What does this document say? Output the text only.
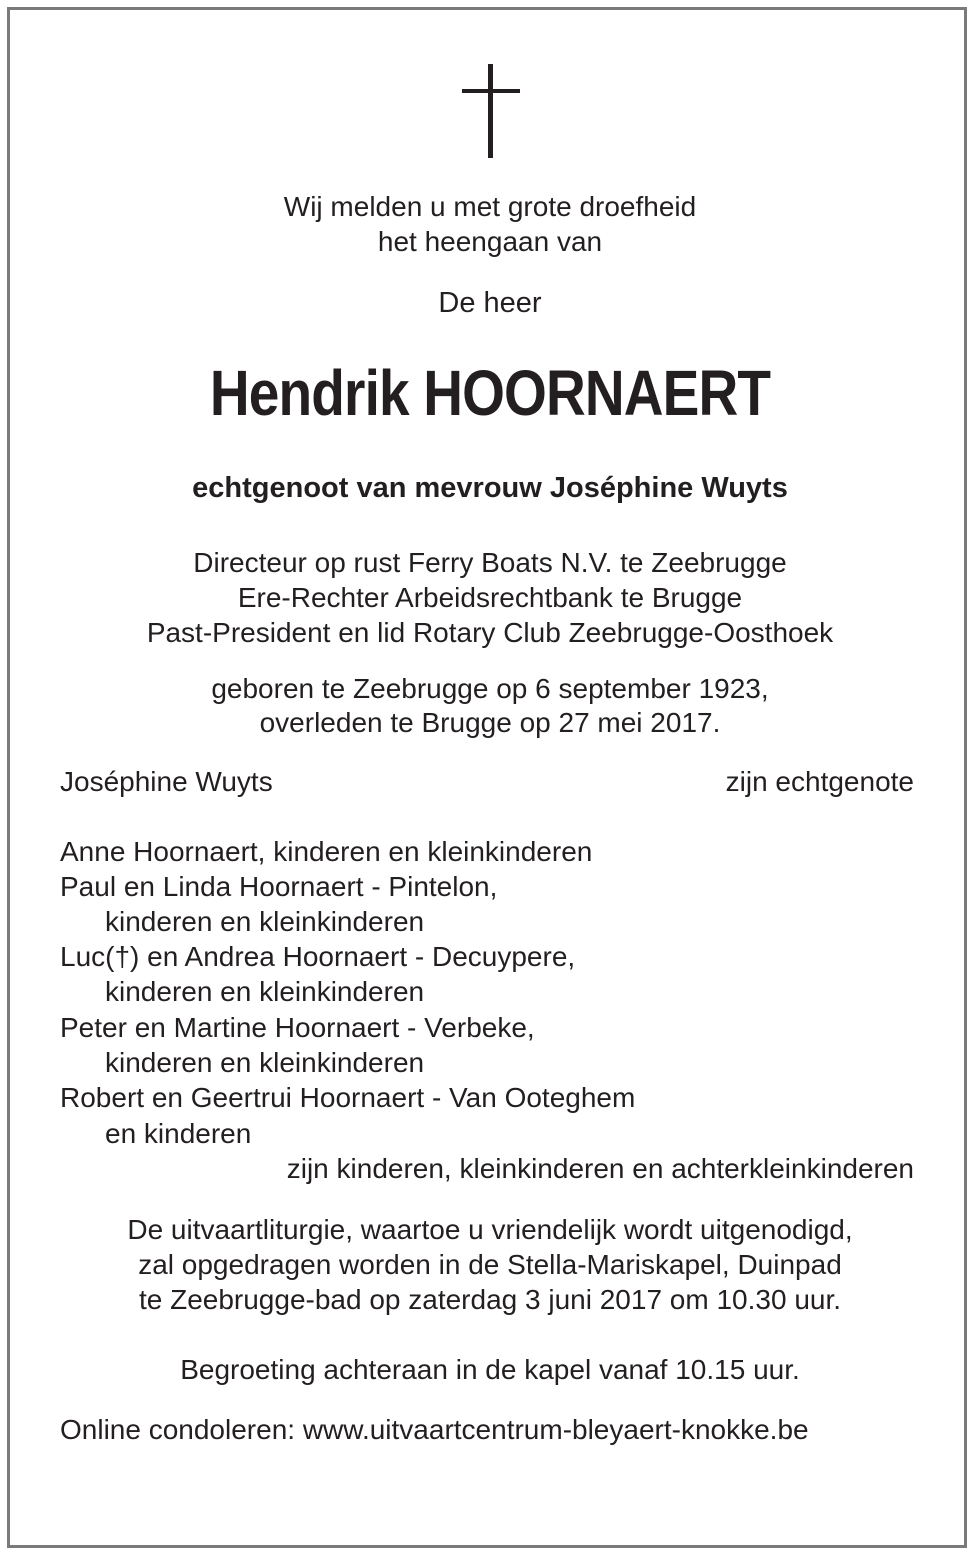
Wij melden u met grote droefheid
het heengaan van
De heer
Hendrik HOORNAERT
echtgenoot van mevrouw Joséphine Wuyts
Directeur op rust Ferry Boats N.V. te Zeebrugge
Ere-Rechter Arbeidsrechtbank te Brugge
Past-President en lid Rotary Club Zeebrugge-Oosthoek
geboren te Zeebrugge op 6 september 1923,
overleden te Brugge op 27 mei 2017.
Joséphine Wuyts	zijn echtgenote
Anne Hoornaert, kinderen en kleinkinderen
Paul en Linda Hoornaert - Pintelon,
kinderen en kleinkinderen
Luc(†) en Andrea Hoornaert - Decuypere,
kinderen en kleinkinderen
Peter en Martine Hoornaert - Verbeke,
kinderen en kleinkinderen
Robert en Geertrui Hoornaert - Van Ooteghem
en kinderen
zijn kinderen, kleinkinderen en achterkleinkinderen
De uitvaartliturgie, waartoe u vriendelijk wordt uitgenodigd,
zal opgedragen worden in de Stella-Mariskapel, Duinpad
te Zeebrugge-bad op zaterdag 3 juni 2017 om 10.30 uur.
Begroeting achteraan in de kapel vanaf 10.15 uur.
Online condoleren: www.uitvaartcentrum-bleyaert-knokke.be
